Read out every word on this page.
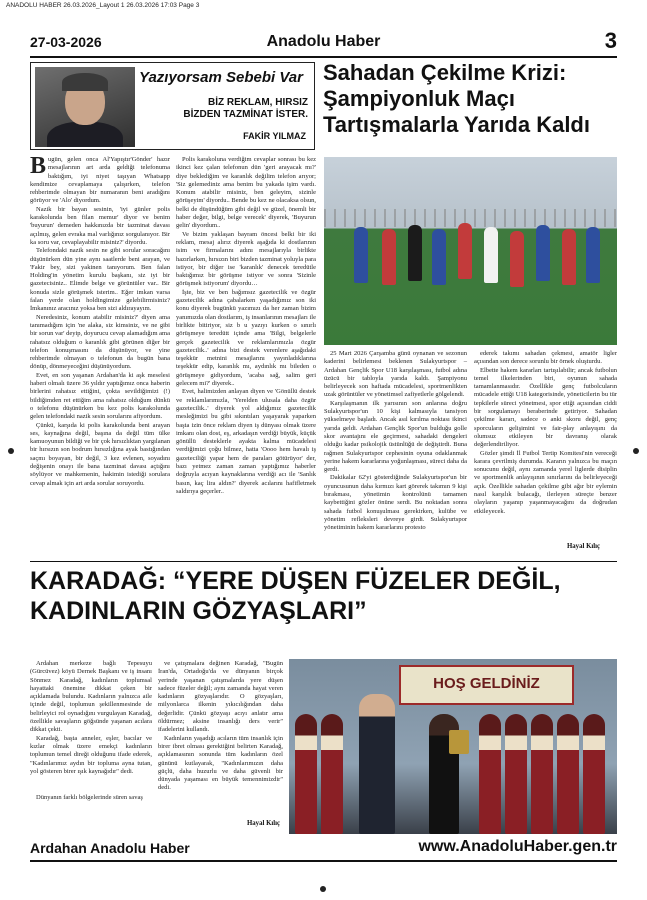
ANADOLU HABER 26.03.2026_Layout 1 26.03.2026 17:03 Page 3
27-03-2026	Anadolu Haber	3
Yazıyorsam Sebebi Var
BİZ REKLAM, HIRSIZ BİZDEN TAZMİNAT İSTER.
FAKİR YILMAZ

Bugün, gelen onca Al'Yapıştır'Gönder' hazır mesajlarının art arda geldiği telefonuma baktığım, iyi niyet taşıyan Whatsapp kendimize cevaplamaya çalışırken, telefon rehberimde olmayan bir numaranın beni aradığını görüyor ve 'Alo' diyordum.

Nazik bir bayan sesinin, 'iyi günler polis karakolunda ben filan memur' diyor ve benim 'buyurun' demeden hakkınızda bir tazminat davası açılmış, gelen evraka mal varlığınız sorgulanıyor. Bir ka soru var, cevaplayabilir misiniz?' diyordu.

Telefondaki nazik sesin ne gibi sorular soracağını düşünürken dün yine aynı saatlerde beni arayan, ve 'Fakir bey, sizi yakinen tanıyorum. Ben falan Holding'in yönetim kurulu başkanı, siz iyi bir gazetecisiniz.. Elimde belge ve görüntüler var.. Bir konuda sizle görüşmek isterim.. Eğer imkan varsa falan yerde olan holdingimize gelebilirmisiniz? İmkanınız aracınız yoksa ben sizi aldırayayım.

Neredesiniz, konum atabilir misiniz?' diyen ama tanımadığım için 'ne alaka, siz kimsiniz, ve ne gibi bir sorun var' deyip, doyurucu cevap alamadığım ama rahatsız olduğum o karanlık gibi görünen diğer bir telefon konuşmasını da düşünüyor, ve yine rehberimde olmayan o telefonun da bugün bana dönüp, dönmeyeceğini düşünüyordum.

Evet, en son yaşanan Ardahan'da ki aşk meselesi haberi olmalı üzere 36 yıldır yaptığımız onca haberin birlerini rahatsız ettiğini, çokta sevildiğimizi (!) bildiğimden ret ettiğim ama rahatsız olduğum dünkü o telefonu düşünürken bu kez polis karakolunda gelen telefondaki nazik sesin sorularını afiyordum.

Çünkü, karşıda ki polis karakolunda beni arayan ses, kaynağına değil, başına da değil tüm ülke kamuoyunun bildiği ve bir çok hırsızlıktan yargılanan bir hırsızın son bodrum hırsızlığına ayak bastığından saçmı boyayan, bir değil, 3 kez evlenen, soyadını değişenin onayı ile bana tazminat davası açtığını söylüyor ve mahkemenin, hakimin istediği sorulara cevap almak için art arda sorular soruyordu.

Polis karakoluna verdiğim cevaplar sonrası bu kez ikinci kez çalan telefonun dün 'geri arayacak mı?' diye beklediğim ve karanlık değilim telefon arıyor; 'Siz gelemediniz ama benim bu yakada işim vardı. Konum atabilir misiniz, ben geleyim, sizinle görüşeyim' diyordu.. Bende bu kez ne olacaksa olsun, belki de düşündüğüm gibi değil ve güzel, önemli bir haber değer, bilgi, belge verecek' diyerek, 'Buyurun gelin' diyordum..

Ve bizim yaklaşan bayram öncesi belki bir iki reklam, mesaj alırız diyerek aşağıda ki dostlarının isim ve firmalarını adını mesajlarıyla birlikte hazırlarken, hırsızın biri bizden tazminat yoluyla para istiyor, bir diğer ise 'karanlık' denecek teredütle baktığımız bir görüşme istiyor ve sonra 'Sizinle görüşmek istiyorum' diyordu…

İşte, biz ve ben bağımsız gazetecilik ve özgür gazetecilik adına çabalarken yaşadığımız son iki konu diyerek bugünkü yazımızı da her zaman bizim yanımızda olan dostlarım, iş insanlarının mesajları ile birlikte bitiriyor, siz b u yazıyı kurken o sınırlı görüşmeye teredütt içinde ama 'Bilgi, belgelerle gerçek gazetecilik ve reklamlarımızla özgür gazetecilik..' adına bizi destek verenlere aşağıdaki teşekkür metnini mesajlarını yayınladıklarına teşekkür edip, karanlık mı, aydınlık mı bileden o görüşmeye gidiyordum, 'acaba sağ, salim geri gelecem mi?' diyerek..

Evet, halimizden anlayan diyen ve 'Gönüllü destek ve reklamlarımızla, 'Yerelden ulusala daha özgür gazetecilik..' diyerek yol aldığımız gazetecilik mesleğimizi bu gibi sıkıntıları yaşayarak yaparken başta izin önce reklam diyen iş dünyası olmak üzere imkanı olan dost, eş, arkadaşın verdiği büyük, küçük gönüllü desteklerle ayakta kalma mücadelesi verdiğimizi çoğu bilmez, hatta 'Oooo hem havalı iş gazeteciliği yapar hem de paraları götürüyor' der, bazı yetmez zaman zaman yaptığımız haberler doğruyla acıyan kaynaklarına verdiği acı ile 'Sanlık basın, kaç lira aldın?' diyerek acılarını hafifletmek saldırıya geçerler..

Sahadan Çekilme Krizi: Şampiyonluk Maçı Tartışmalarla Yarıda Kaldı

25 Mart 2026 Çarşamba günü oynanan ve sezonun kaderini belirlemesi beklenen Sulakyurtspor – Ardahan Gençlik Spor U18 karşılaşması, futbol adına üzücü bir tabloyla yarıda kaldı. Şampiyonu belirleyecek son haftada mücadelesi, sportmenlikten uzak görüntüler ve yönetimsel zafiyetlerle gölgelendi.

Karşılaşmanın ilk yarısının son anlarına doğru Sulakyurtspor'un 10 kişi kalmasıyla tansiyon yükselmeye başladı. Ancak asıl kırılma noktası ikinci yarıda geldi. Ardahan Gençlik Spor'un bulduğu golle skor avantajını ele geçirmesi, sahadaki dengeleri olduğu kadar psikolojik üstünlüğü de değiştirdi. Buna rağmen Sulakyurtspor cephesinin oyuna odaklanmak yerine hakem kararlarına yoğunlaşması, süreci daha da gerdi.

Dakikalar 62'yi gösterdiğinde Sulakyurtspor'un bir oyuncusunun daha kırmızı kart görerek takımın 9 kişi bırakması, yönetimin kontrolünü tamamen kaybettiğini gözler önüne serdi. Bu noktadan sonra sahada futbol konuşulması gerekirken, kulübe ve yönetim refleksleri devreye girdi. Sulakyurtspor yönetiminin hakem kararlarını protesto

ederek takımı sahadan çekmesi, amatör ligler açısından son derece sorunlu bir örnek oluşturdu.

Elbette hakem kararları tartışılabilir; ancak futbolun temel ilkelerinden biri, oyunun sahada tamamlanmasıdır. Özellikle genç futbolcuların mücadele ettiği U18 kategorisinde, yöneticilerin bu tür tepkilerle süreci yönetmesi, spor etiği açısından ciddi bir sorgulamayı beraberinde getiriyor. Sahadan çekilme kararı, sadece o anki skoru değil, genç sporcuların gelişimini ve fair-play anlayışını da olumsuz etkileyen bir davranış olarak değerlendiriliyor.

Gözler şimdi İl Futbol Tertip Komitesi'nin vereceği karara çevrilmiş durumda. Kararın yalnızca bu maçın sonucunu değil, aynı zamanda yerel liglerde disiplin ve sportmenlik anlayışının sınırlarını da belirleyeceği açık. Özellikle sahadan çekilme gibi ağır bir eylemin nasıl karşılık bulacağı, ilerleyen süreçte benzer olayların yaşanıp yaşanmayacağını da doğrudan etkileyecek.

Hayal Kılıç
KARADAĞ: “YERE DÜŞEN FÜZELER DEĞİL, KADINLARIN GÖZYAŞLARI”

Ardahan merkeze bağlı Tepesuyu (Gürcüvez) köyü Dernek Başkanı ve iş insanı Sönmez Karadağ, kadınların toplumsal hayattaki önemine dikkat çeken bir açıklamada bulundu. Kadınların yalnızca aile içinde değil, toplumun şekillenmesinde de belirleyici rol oynadığını vurgulayan Karadağ, özellikle savaşların göğsünde yaşanan acılara dikkat çekti.

Karadağ, başta anneler, eşler, bacılar ve kızlar olmak üzere emekçi kadınların toplumun temel direği olduğunu ifade ederek, "Kadınlarımız aydın bir topluma ayna tutan, yol gösteren birer ışık kaynağıdır" dedi.

Dünyanın farklı bölgelerinde süren savaş

ve çatışmalara değinen Karadağ, "Bugün İran'da, Ortadoğu'da ve dünyanın birçok yerinde yaşanan çatışmalarda yere düşen sadece füzeler değil; aynı zamanda hayat veren kadınların gözyaşlarıdır. O gözyaşları, milyonlarca ilkenin yıkıcılığından daha değerlidir. Çünkü gözyaşı acıyı anlatır ama öldürmez; aksine insanlığı ders verir" ifadelerini kullandı.

Kadınların yaşadığı acıların tüm insanlık için birer ibret olması gerektiğini belirten Karadağ, açıklamasının sonunda tüm kadınların özel gününü kutlayarak, "Kadınlarımızın daha güçlü, daha huzurlu ve daha güvenli bir dünyada yaşaması en büyük temennimizdir" dedi.

Hayal Kılıç
HOŞ GELDİNİZ
Ardahan Anadolu Haber	www.AnadoluHaber.gen.tr
